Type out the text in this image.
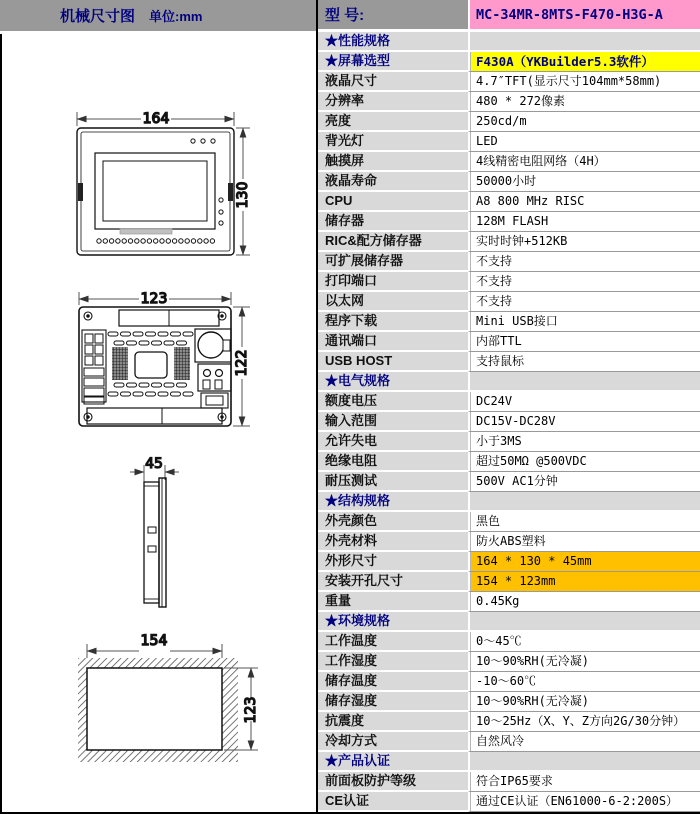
机械尺寸图 单位:mm
164
130
123
122
45
154
123
型 号:	MC-34MR-8MTS-F470-H3G-A
★性能规格
★屏幕选型	F430A（YKBuilder5.3软件）
液晶尺寸	4.7″TFT(显示尺寸104mm*58mm)
分辨率	480 * 272像素
亮度	250cd/m
背光灯	LED
触摸屏	4线精密电阻网络（4H）
液晶寿命	50000小时
CPU	A8 800 MHz RISC
储存器	128M FLASH
RIC&配方储存器	实时时钟+512KB
可扩展储存器	不支持
打印端口	不支持
以太网	不支持
程序下载	Mini USB接口
通讯端口	内部TTL
USB HOST	支持鼠标
★电气规格
额度电压	DC24V
输入范围	DC15V-DC28V
允许失电	小于3MS
绝缘电阻	超过50MΩ @500VDC
耐压测试	500V AC1分钟
★结构规格
外壳颜色	黑色
外壳材料	防火ABS塑料
外形尺寸	164 * 130 * 45mm
安装开孔尺寸	154 * 123mm
重量	0.45Kg
★环境规格
工作温度	0～45℃
工作湿度	10～90%RH(无冷凝)
储存温度	-10～60℃
储存湿度	10～90%RH(无冷凝)
抗震度	10～25Hz（X、Y、Z方向2G/30分钟）
冷却方式	自然风冷
★产品认证
前面板防护等级	符合IP65要求
CE认证	通过CE认证（EN61000-6-2:200S）
